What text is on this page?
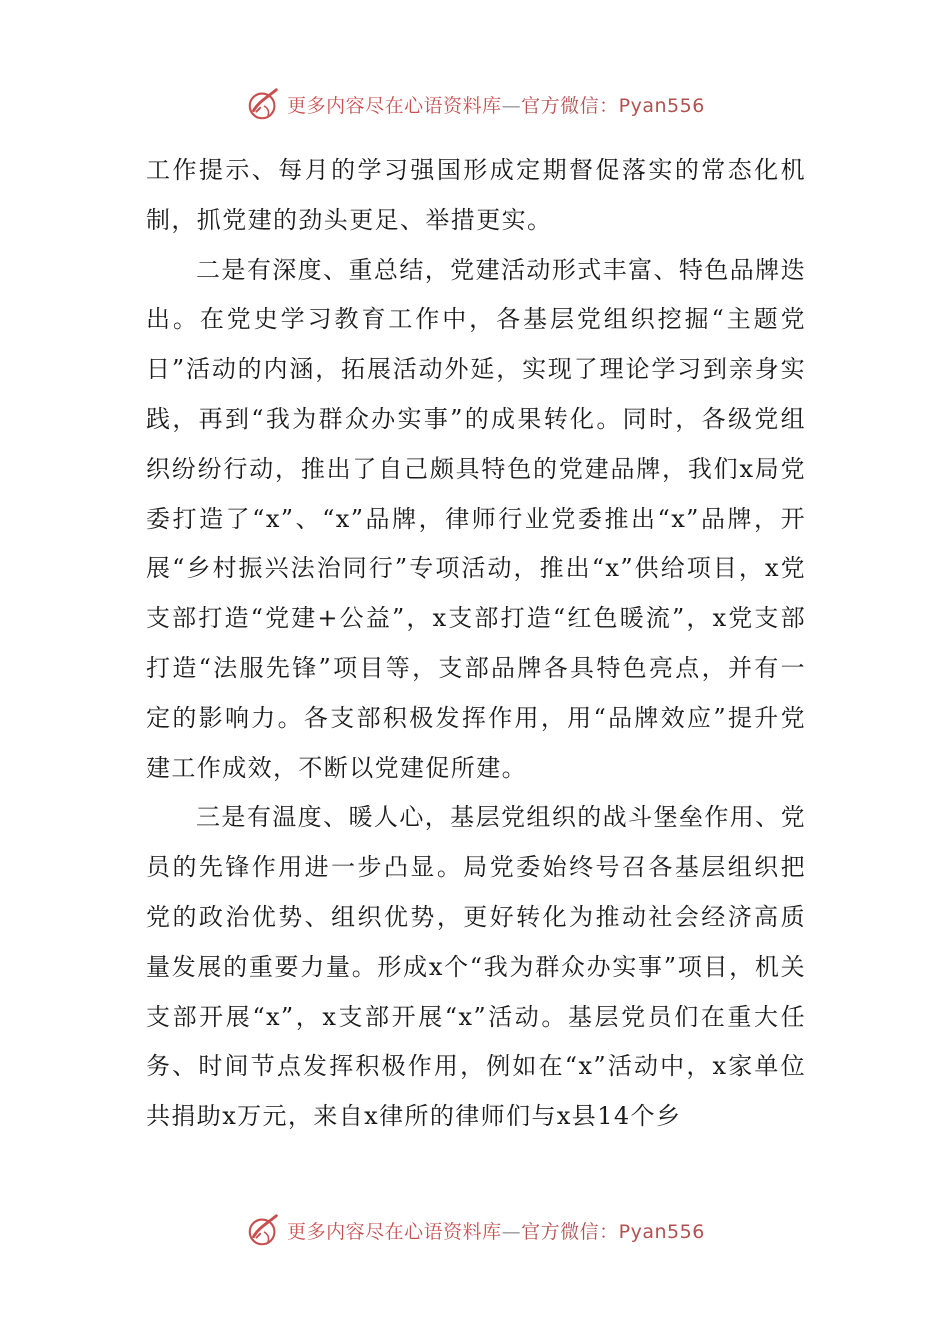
更多内容尽在心语资料库—官方微信：Pyan556

工作提示、每月的学习强国形成定期督促落实的常态化机制，抓党建的劲头更足、举措更实。

二是有深度、重总结，党建活动形式丰富、特色品牌迭出。在党史学习教育工作中，各基层党组织挖掘“主题党日”活动的内涵，拓展活动外延，实现了理论学习到亲身实践，再到“我为群众办实事”的成果转化。同时，各级党组织纷纷行动，推出了自己颇具特色的党建品牌，我们x局党委打造了“x”、“x”品牌，律师行业党委推出“x”品牌，开展“乡村振兴法治同行”专项活动，推出“x”供给项目，x党支部打造“党建+公益”，x支部打造“红色暖流”，x党支部打造“法服先锋”项目等，支部品牌各具特色亮点，并有一定的影响力。各支部积极发挥作用，用“品牌效应”提升党建工作成效，不断以党建促所建。

三是有温度、暖人心，基层党组织的战斗堡垒作用、党员的先锋作用进一步凸显。局党委始终号召各基层组织把党的政治优势、组织优势，更好转化为推动社会经济高质量发展的重要力量。形成x个“我为群众办实事”项目，机关支部开展“x”，x支部开展“x”活动。基层党员们在重大任务、时间节点发挥积极作用，例如在“x”活动中，x家单位共捐助x万元，来自x律所的律师们与x县14个乡

更多内容尽在心语资料库—官方微信：Pyan556
